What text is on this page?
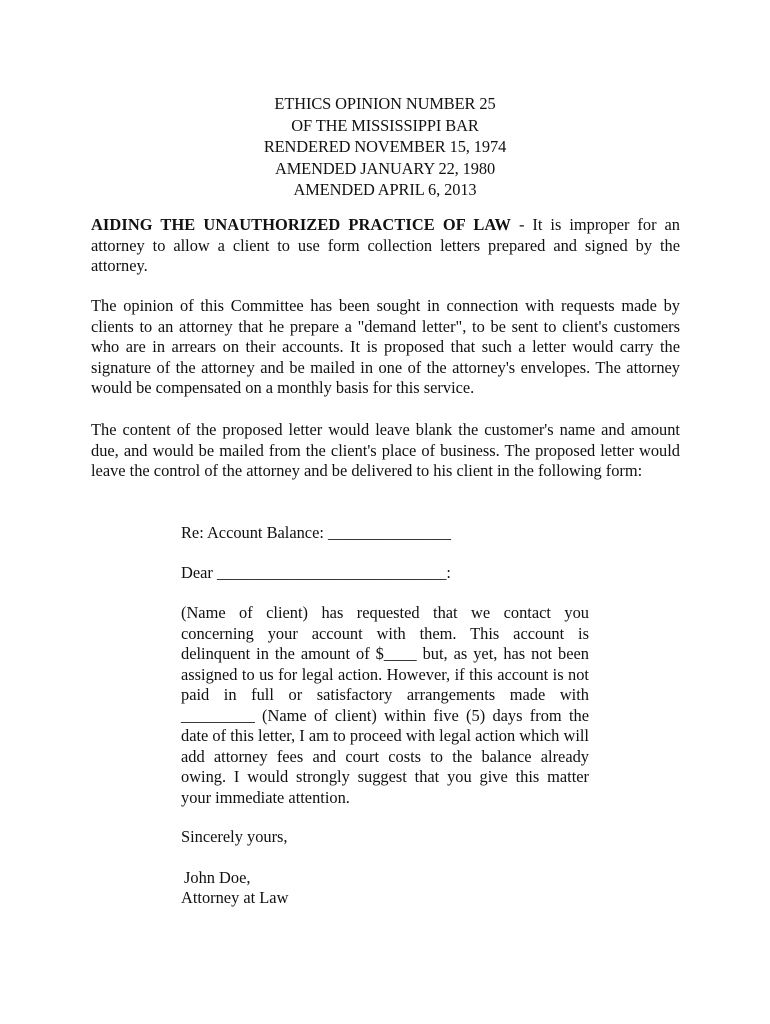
ETHICS OPINION NUMBER 25
OF THE MISSISSIPPI BAR
RENDERED NOVEMBER 15, 1974
AMENDED JANUARY 22, 1980
AMENDED APRIL 6, 2013

AIDING THE UNAUTHORIZED PRACTICE OF LAW - It is improper for an attorney to allow a client to use form collection letters prepared and signed by the attorney.

The opinion of this Committee has been sought in connection with requests made by clients to an attorney that he prepare a "demand letter", to be sent to client's customers who are in arrears on their accounts. It is proposed that such a letter would carry the signature of the attorney and be mailed in one of the attorney's envelopes. The attorney would be compensated on a monthly basis for this service.

The content of the proposed letter would leave blank the customer's name and amount due, and would be mailed from the client's place of business. The proposed letter would leave the control of the attorney and be delivered to his client in the following form:

Re: Account Balance: _______________

Dear ____________________________:

(Name of client) has requested that we contact you concerning your account with them. This account is delinquent in the amount of $____ but, as yet, has not been assigned to us for legal action. However, if this account is not paid in full or satisfactory arrangements made with _________ (Name of client) within five (5) days from the date of this letter, I am to proceed with legal action which will add attorney fees and court costs to the balance already owing. I would strongly suggest that you give this matter your immediate attention.

Sincerely yours,

John Doe,

Attorney at Law
